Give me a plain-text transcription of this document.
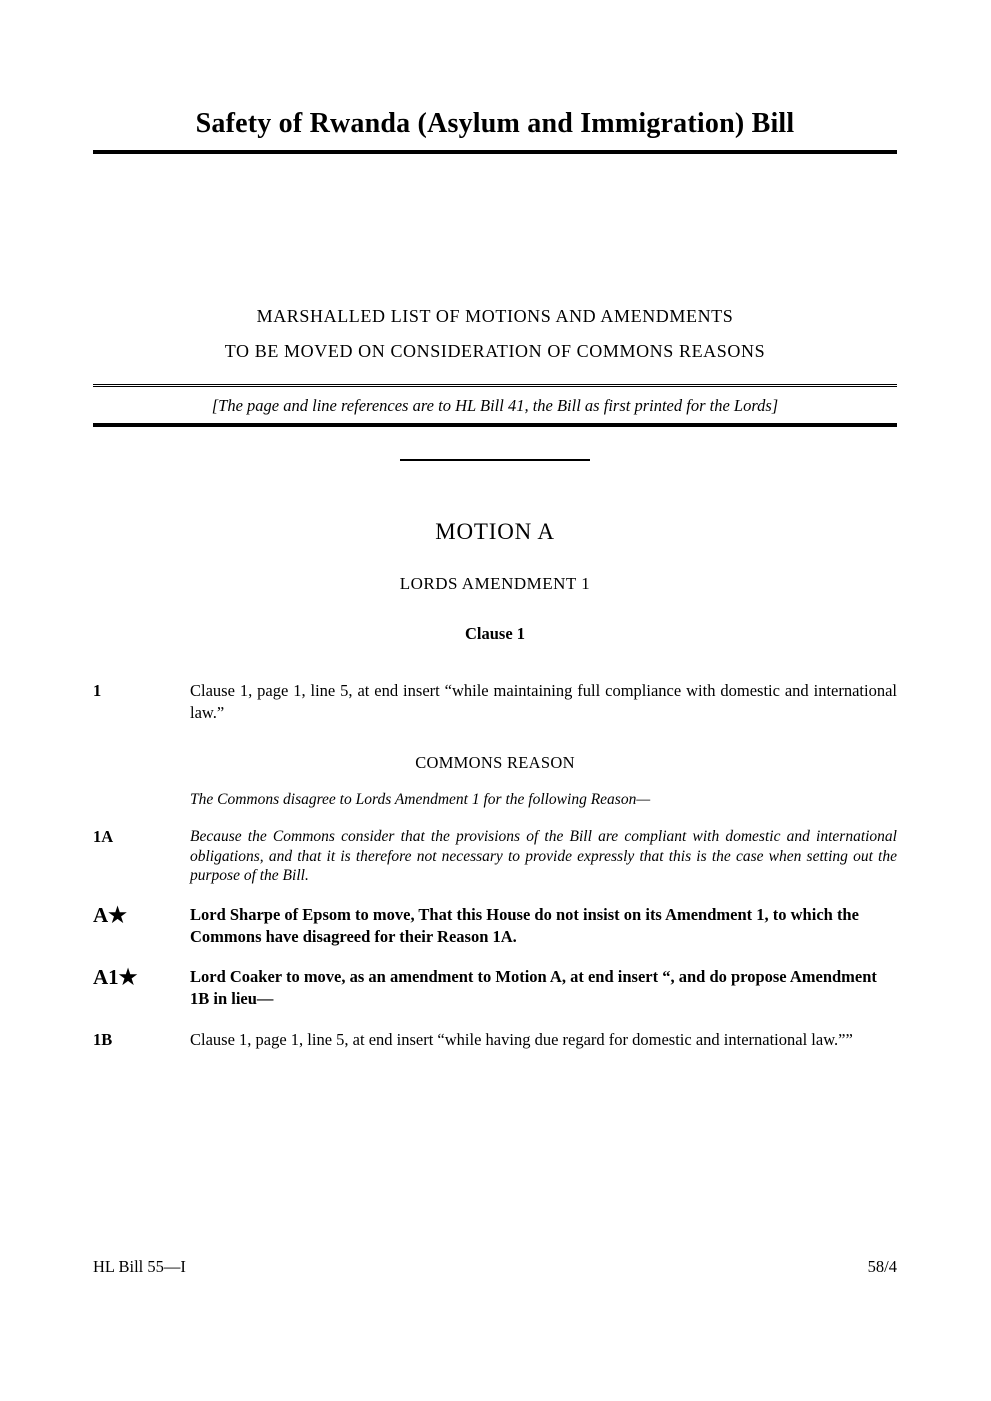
Safety of Rwanda (Asylum and Immigration) Bill
MARSHALLED LIST OF MOTIONS AND AMENDMENTS
TO BE MOVED ON CONSIDERATION OF COMMONS REASONS
[The page and line references are to HL Bill 41, the Bill as first printed for the Lords]
MOTION A
LORDS AMENDMENT 1
Clause 1
1	Clause 1, page 1, line 5, at end insert “while maintaining full compliance with domestic and international law.”
COMMONS REASON
The Commons disagree to Lords Amendment 1 for the following Reason—
1A	Because the Commons consider that the provisions of the Bill are compliant with domestic and international obligations, and that it is therefore not necessary to provide expressly that this is the case when setting out the purpose of the Bill.
A★	Lord Sharpe of Epsom to move, That this House do not insist on its Amendment 1, to which the Commons have disagreed for their Reason 1A.
A1★	Lord Coaker to move, as an amendment to Motion A, at end insert “, and do propose Amendment 1B in lieu—
1B	Clause 1, page 1, line 5, at end insert “while having due regard for domestic and international law.””
HL Bill 55—I	58/4
